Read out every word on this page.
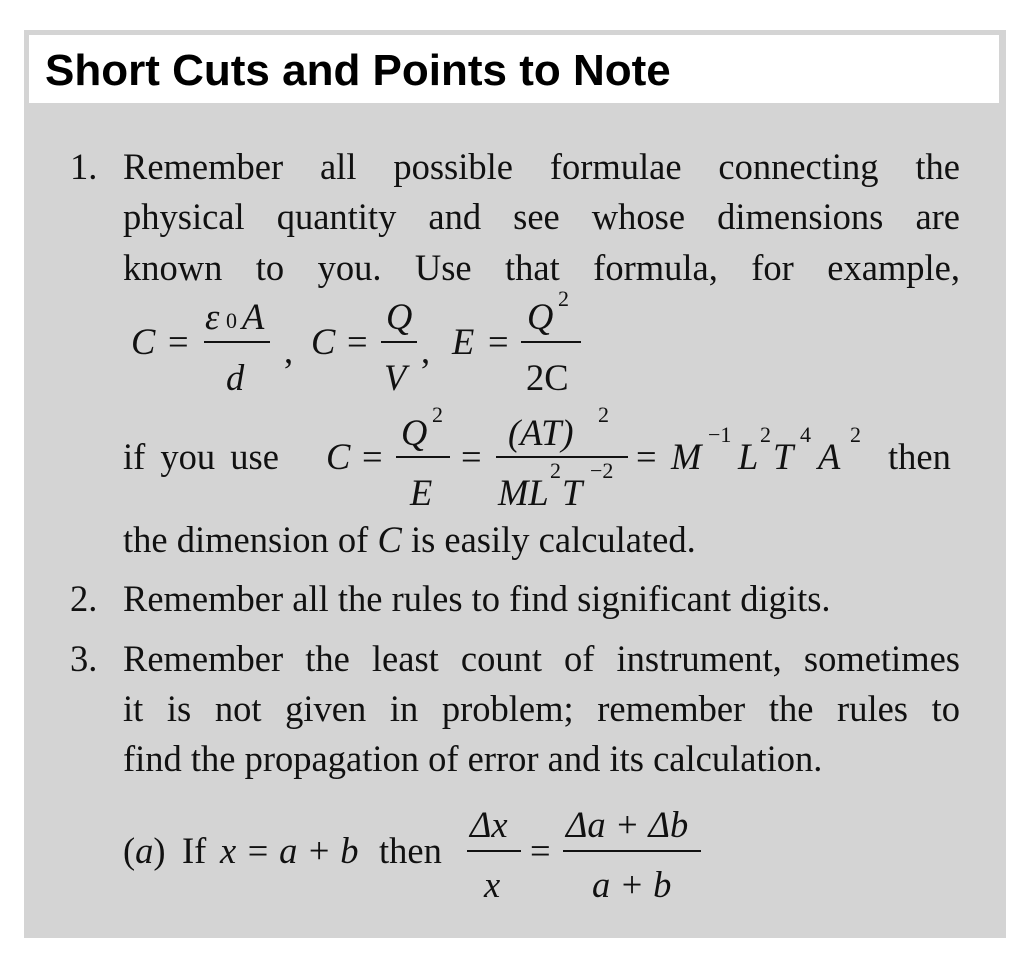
Short Cuts and Points to Note
1. Remember all possible formulae connecting the
physical quantity and see whose dimensions are
known to you. Use that formula, for example,
C =
ε 0 A
d
, C =
Q
V
, E =
Q 2
2C
if you use C =
Q 2
E
=
(AT) 2
ML
2
T
−2 = M
−1
L
2
T
4
A
2
then
the dimension of C is easily calculated.
2. Remember all the rules to find significant digits.
3. Remember the least count of instrument, sometimes
it is not given in problem; remember the rules to
find the propagation of error and its calculation.
(a) If x = a + b then
Δx
x
=
Δa + Δb
a + b
